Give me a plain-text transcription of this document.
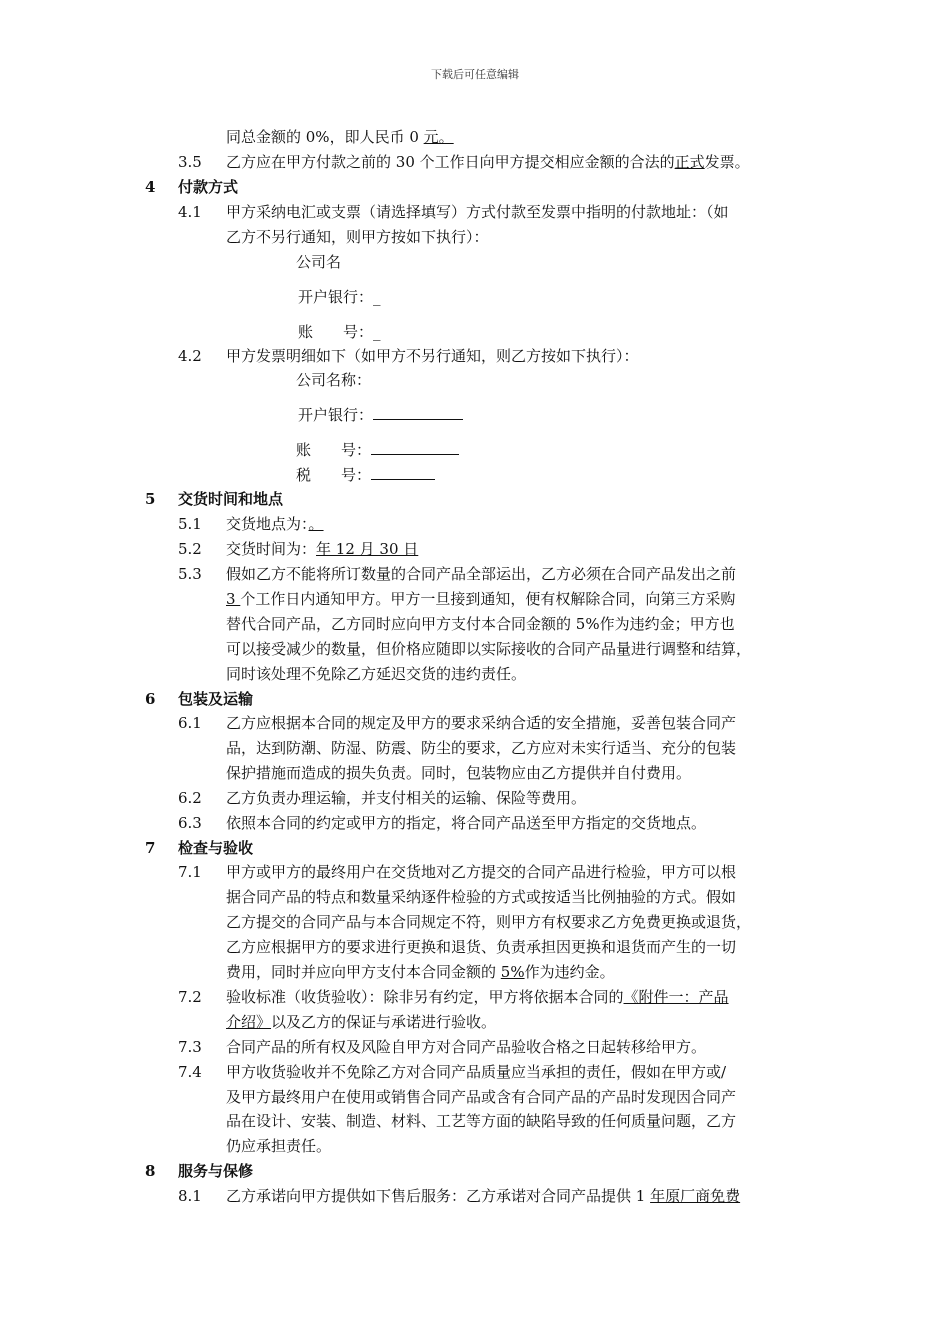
下载后可任意编辑
同总金额的 0%，即人民币 0 元。
3.5 乙方应在甲方付款之前的 30 个工作日向甲方提交相应金额的合法的正式发票。
4 付款方式
4.1 甲方采纳电汇或支票（请选择填写）方式付款至发票中指明的付款地址：（如
乙方不另行通知，则甲方按如下执行）：
公司名
开户银行：_
账　　号：_
4.2 甲方发票明细如下（如甲方不另行通知，则乙方按如下执行）：
公司名称：
开户银行：
账　　号：
税　　号：
5 交货时间和地点
5.1 交货地点为：。
5.2 交货时间为：年 12 月 30 日
5.3 假如乙方不能将所订数量的合同产品全部运出，乙方必须在合同产品发出之前
3 个工作日内通知甲方。甲方一旦接到通知，便有权解除合同，向第三方采购
替代合同产品，乙方同时应向甲方支付本合同金额的 5%作为违约金；甲方也
可以接受减少的数量，但价格应随即以实际接收的合同产品量进行调整和结算，
同时该处理不免除乙方延迟交货的违约责任。
6 包装及运输
6.1 乙方应根据本合同的规定及甲方的要求采纳合适的安全措施，妥善包装合同产
品，达到防潮、防湿、防震、防尘的要求，乙方应对未实行适当、充分的包装
保护措施而造成的损失负责。同时，包装物应由乙方提供并自付费用。
6.2 乙方负责办理运输，并支付相关的运输、保险等费用。
6.3 依照本合同的约定或甲方的指定，将合同产品送至甲方指定的交货地点。
7 检查与验收
7.1 甲方或甲方的最终用户在交货地对乙方提交的合同产品进行检验，甲方可以根
据合同产品的特点和数量采纳逐件检验的方式或按适当比例抽验的方式。假如
乙方提交的合同产品与本合同规定不符，则甲方有权要求乙方免费更换或退货，
乙方应根据甲方的要求进行更换和退货、负责承担因更换和退货而产生的一切
费用，同时并应向甲方支付本合同金额的 5%作为违约金。
7.2 验收标准（收货验收）：除非另有约定，甲方将依据本合同的《附件一：产品
介绍》以及乙方的保证与承诺进行验收。
7.3 合同产品的所有权及风险自甲方对合同产品验收合格之日起转移给甲方。
7.4 甲方收货验收并不免除乙方对合同产品质量应当承担的责任，假如在甲方或/
及甲方最终用户在使用或销售合同产品或含有合同产品的产品时发现因合同产
品在设计、安装、制造、材料、工艺等方面的缺陷导致的任何质量问题，乙方
仍应承担责任。
8 服务与保修
8.1 乙方承诺向甲方提供如下售后服务：乙方承诺对合同产品提供 1 年原厂商免费
